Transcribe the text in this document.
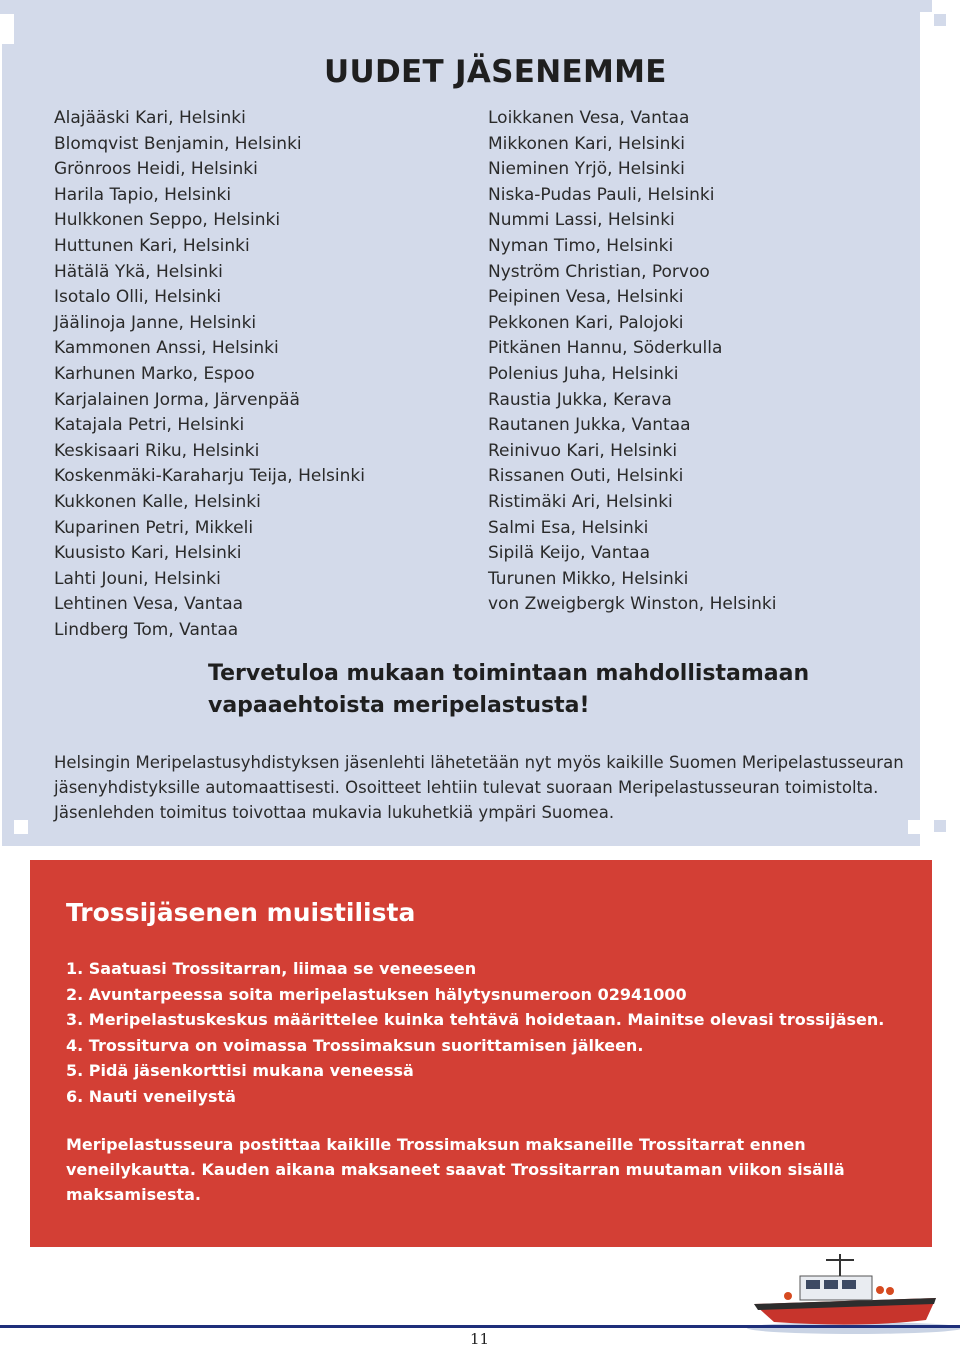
UUDET JÄSENEMME
Alajääski Kari, Helsinki
Blomqvist Benjamin, Helsinki
Grönroos Heidi, Helsinki
Harila Tapio, Helsinki
Hulkkonen Seppo, Helsinki
Huttunen Kari, Helsinki
Hätälä Ykä, Helsinki
Isotalo Olli, Helsinki
Jäälinoja Janne, Helsinki
Kammonen Anssi, Helsinki
Karhunen Marko, Espoo
Karjalainen Jorma, Järvenpää
Katajala Petri, Helsinki
Keskisaari Riku, Helsinki
Koskenmäki-Karaharju Teija, Helsinki
Kukkonen Kalle, Helsinki
Kuparinen Petri, Mikkeli
Kuusisto Kari, Helsinki
Lahti Jouni, Helsinki
Lehtinen Vesa, Vantaa
Lindberg Tom, Vantaa
Loikkanen Vesa, Vantaa
Mikkonen Kari, Helsinki
Nieminen Yrjö, Helsinki
Niska-Pudas Pauli, Helsinki
Nummi Lassi, Helsinki
Nyman Timo, Helsinki
Nyström Christian, Porvoo
Peipinen Vesa, Helsinki
Pekkonen Kari, Palojoki
Pitkänen Hannu, Söderkulla
Polenius Juha, Helsinki
Raustia Jukka, Kerava
Rautanen Jukka, Vantaa
Reinivuo Kari, Helsinki
Rissanen Outi, Helsinki
Ristimäki Ari, Helsinki
Salmi Esa, Helsinki
Sipilä Keijo, Vantaa
Turunen Mikko, Helsinki
von Zweigbergk Winston, Helsinki

Tervetuloa mukaan toimintaan mahdollistamaan vapaaehtoista meripelastusta!

Helsingin Meripelastusyhdistyksen jäsenlehti lähetetään nyt myös kaikille Suomen Meripelastusseuran jäsenyhdistyksille automaattisesti. Osoitteet lehtiin tulevat suoraan Meripelastusseuran toimistolta. Jäsenlehden toimitus toivottaa mukavia lukuhetkiä ympäri Suomea.

Trossijäsenen muistilista
1. Saatuasi Trossitarran, liimaa se veneeseen
2. Avuntarpeessa soita meripelastuksen hälytysnumeroon 02941000
3. Meripelastuskeskus määrittelee kuinka tehtävä hoidetaan. Mainitse olevasi trossijäsen.
4. Trossiturva on voimassa Trossimaksun suorittamisen jälkeen.
5. Pidä jäsenkorttisi mukana veneessä
6. Nauti veneilystä

Meripelastusseura postittaa kaikille Trossimaksun maksaneille Trossitarrat ennen veneilykautta. Kauden aikana maksaneet saavat Trossitarran muutaman viikon sisällä maksamisesta.

11
